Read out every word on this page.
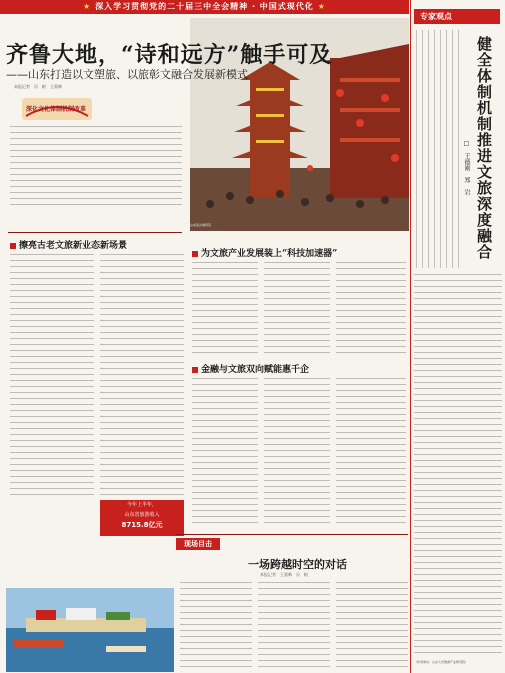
★ 深入学习贯彻党的二十届三中全会精神 · 中国式现代化 ★
山东某古城风景
齐鲁大地，“诗和远方”触手可及
——山东打造以文塑旅、以旅彰文融合发展新模式
本报记者　冯　帆　王嘉韩
深化文化体制机制改革
擦亮古老文旅新业态新场景
为文旅产业发展装上“科技加速器”
金融与文旅双向赋能惠千企
今年上半年，
山东省旅游收入
8715.8亿元
现场目击
一场跨越时空的对话
本报记者　王嘉韩　冯　帆
专家观点
健全体制机制推进文旅深度融合
□　王德刚　郑　岩
（作者单位：山东大学旅游产业研究院）
